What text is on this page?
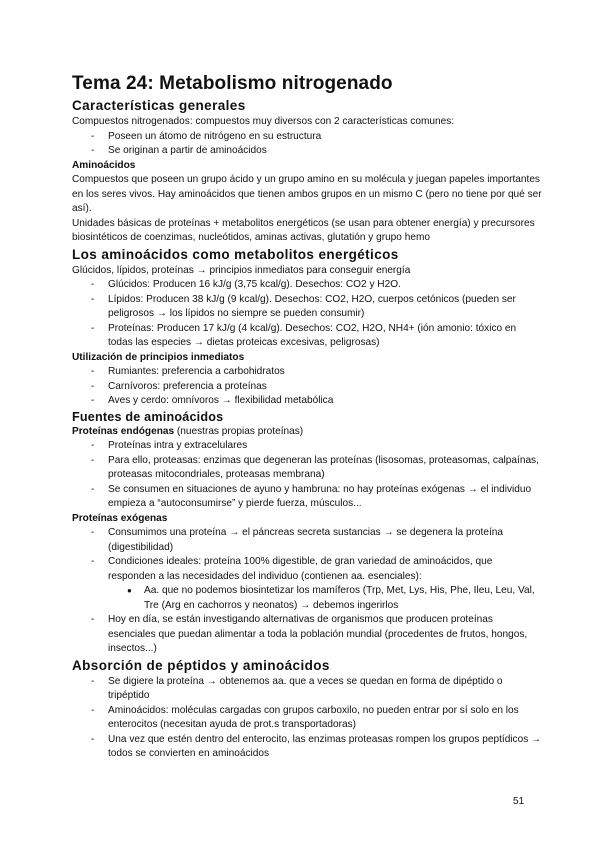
Tema 24: Metabolismo nitrogenado
Características generales

Compuestos nitrogenados: compuestos muy diversos con 2 características comunes:

- Poseen un átomo de nitrógeno en su estructura
- Se originan a partir de aminoácidos

Aminoácidos

Compuestos que poseen un grupo ácido y un grupo amino en su molécula y juegan papeles importantes en los seres vivos. Hay aminoácidos que tienen ambos grupos en un mismo C (pero no tiene por qué ser así).

Unidades básicas de proteínas + metabolitos energéticos (se usan para obtener energía) y precursores biosintéticos de coenzimas, nucleótidos, aminas activas, glutatión y grupo hemo

Los aminoácidos como metabolitos energéticos

Glúcidos, lípidos, proteínas → principios inmediatos para conseguir energía

- Glúcidos: Producen 16 kJ/g (3,75 kcal/g). Desechos: CO2 y H2O.
- Lípidos: Producen 38 kJ/g (9 kcal/g). Desechos: CO2, H2O, cuerpos cetónicos (pueden ser peligrosos → los lípidos no siempre se pueden consumir)
- Proteínas: Producen 17 kJ/g (4 kcal/g). Desechos: CO2, H2O, NH4+ (ión amonio: tóxico en todas las especies → dietas proteicas excesivas, peligrosas)

Utilización de principios inmediatos

- Rumiantes: preferencia a carbohidratos
- Carnívoros: preferencia a proteínas
- Aves y cerdo: omnívoros → flexibilidad metabólica
Fuentes de aminoácidos

Proteínas endógenas (nuestras propias proteínas)

- Proteínas intra y extracelulares
- Para ello, proteasas: enzimas que degeneran las proteínas (lisosomas, proteasomas, calpaínas, proteasas mitocondriales, proteasas membrana)
- Se consumen en situaciones de ayuno y hambruna: no hay proteínas exógenas → el individuo empieza a “autoconsumirse” y pierde fuerza, músculos...

Proteínas exógenas

- Consumimos una proteína → el páncreas secreta sustancias → se degenera la proteína (digestibilidad)
- Condiciones ideales: proteína 100% digestible, de gran variedad de aminoácidos, que responden a las necesidades del individuo (contienen aa. esenciales):
● Aa. que no podemos biosintetizar los mamíferos (Trp, Met, Lys, His, Phe, Ileu, Leu, Val, Tre (Arg en cachorros y neonatos) → debemos ingerirlos
- Hoy en día, se están investigando alternativas de organismos que producen proteínas esenciales que puedan alimentar a toda la población mundial (procedentes de frutos, hongos, insectos...)
Absorción de péptidos y aminoácidos
- Se digiere la proteína → obtenemos aa. que a veces se quedan en forma de dipéptido o tripéptido
- Aminoácidos: moléculas cargadas con grupos carboxilo, no pueden entrar por sí solo en los enterocitos (necesitan ayuda de prot.s transportadoras)
- Una vez que estén dentro del enterocito, las enzimas proteasas rompen los grupos peptídicos → todos se convierten en aminoácidos
51
